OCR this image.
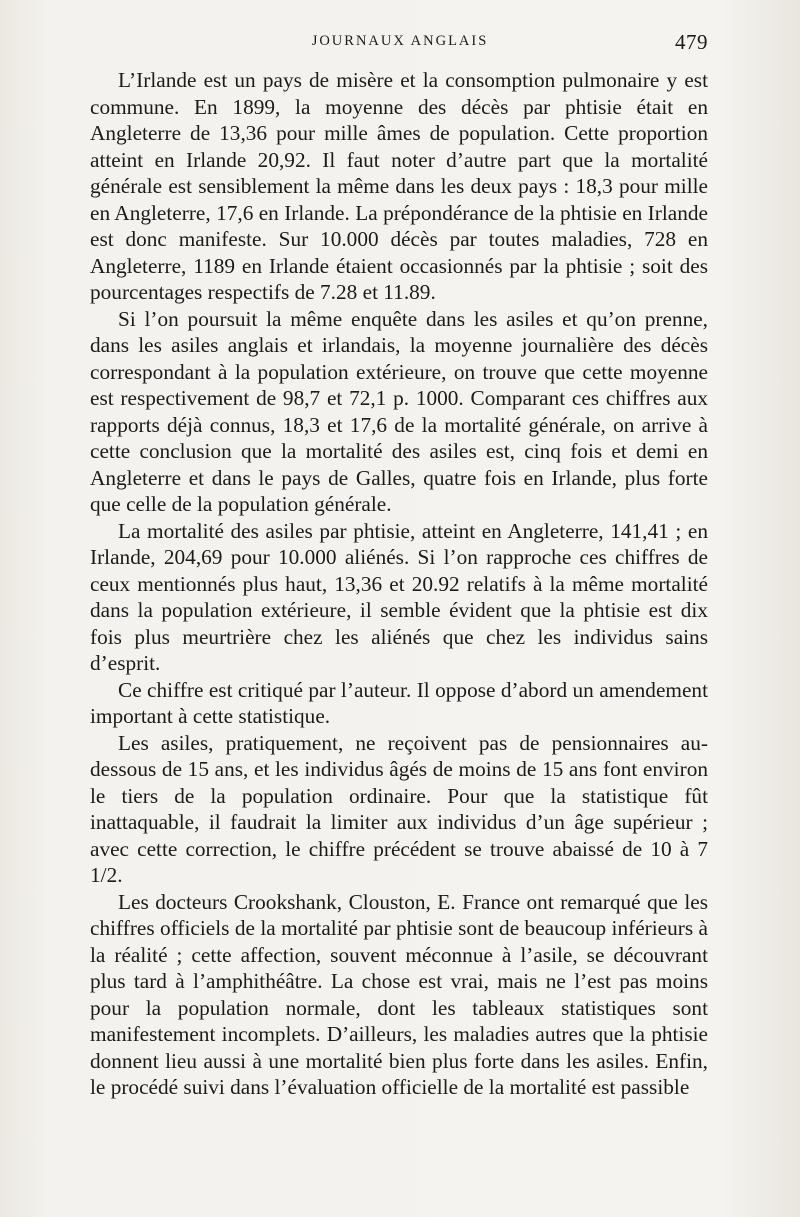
JOURNAUX ANGLAIS	479

L’Irlande est un pays de misère et la consomption pulmonaire y est commune. En 1899, la moyenne des décès par phtisie était en Angleterre de 13,36 pour mille âmes de population. Cette proportion atteint en Irlande 20,92. Il faut noter d’autre part que la mortalité générale est sensiblement la même dans les deux pays : 18,3 pour mille en Angleterre, 17,6 en Irlande. La prépondérance de la phtisie en Irlande est donc manifeste. Sur 10.000 décès par toutes maladies, 728 en Angleterre, 1189 en Irlande étaient occasionnés par la phtisie ; soit des pourcentages respectifs de 7.28 et 11.89.

Si l’on poursuit la même enquête dans les asiles et qu’on prenne, dans les asiles anglais et irlandais, la moyenne journalière des décès correspondant à la population extérieure, on trouve que cette moyenne est respectivement de 98,7 et 72,1 p. 1000. Comparant ces chiffres aux rapports déjà connus, 18,3 et 17,6 de la mortalité générale, on arrive à cette conclusion que la mortalité des asiles est, cinq fois et demi en Angleterre et dans le pays de Galles, quatre fois en Irlande, plus forte que celle de la population générale.

La mortalité des asiles par phtisie, atteint en Angleterre, 141,41 ; en Irlande, 204,69 pour 10.000 aliénés. Si l’on rapproche ces chiffres de ceux mentionnés plus haut, 13,36 et 20.92 relatifs à la même mortalité dans la population extérieure, il semble évident que la phtisie est dix fois plus meurtrière chez les aliénés que chez les individus sains d’esprit.

Ce chiffre est critiqué par l’auteur. Il oppose d’abord un amendement important à cette statistique.

Les asiles, pratiquement, ne reçoivent pas de pensionnaires au-dessous de 15 ans, et les individus âgés de moins de 15 ans font environ le tiers de la population ordinaire. Pour que la statistique fût inattaquable, il faudrait la limiter aux individus d’un âge supérieur ; avec cette correction, le chiffre précédent se trouve abaissé de 10 à 7 1/2.

Les docteurs Crookshank, Clouston, E. France ont remarqué que les chiffres officiels de la mortalité par phtisie sont de beaucoup inférieurs à la réalité ; cette affection, souvent méconnue à l’asile, se découvrant plus tard à l’amphithéâtre. La chose est vrai, mais ne l’est pas moins pour la population normale, dont les tableaux statistiques sont manifestement incomplets. D’ailleurs, les maladies autres que la phtisie donnent lieu aussi à une mortalité bien plus forte dans les asiles. Enfin, le procédé suivi dans l’évaluation officielle de la mortalité est passible
